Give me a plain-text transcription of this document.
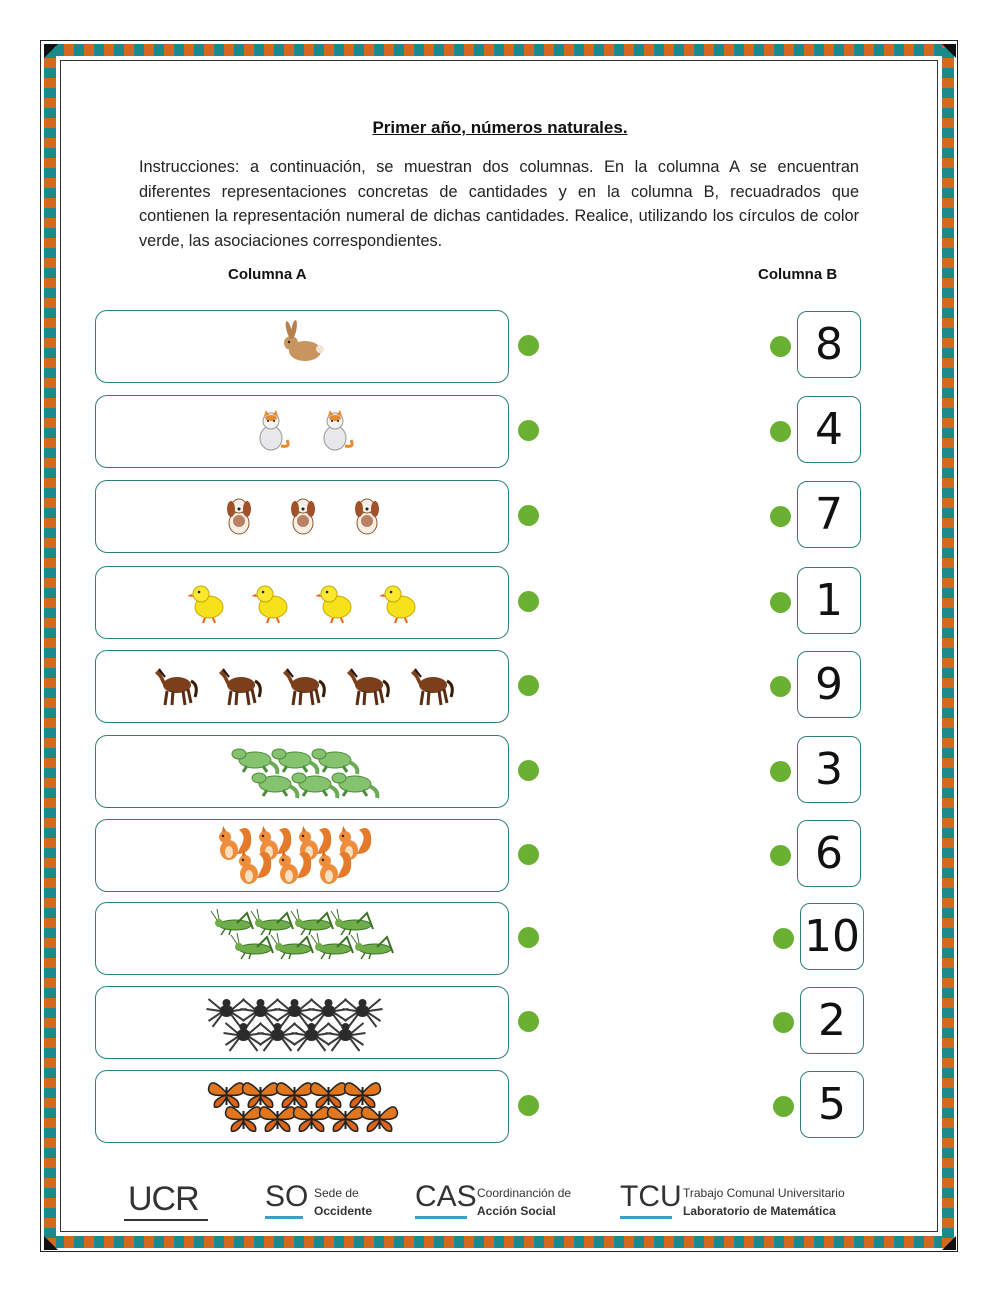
Primer año, números naturales.
Instrucciones: a continuación, se muestran dos columnas. En la columna A se encuentran diferentes representaciones concretas de cantidades y en la columna B, recuadrados que contienen la representación numeral de dichas cantidades. Realice, utilizando los círculos de color verde, las asociaciones correspondientes.
Columna A	Columna B
8
4
7
1
9
3
6
10
2
5
UCR SO Sede de
Occidente CAS Coordinanción de
Acción Social	TCU Trabajo Comunal Universitario
Laboratorio de Matemática
